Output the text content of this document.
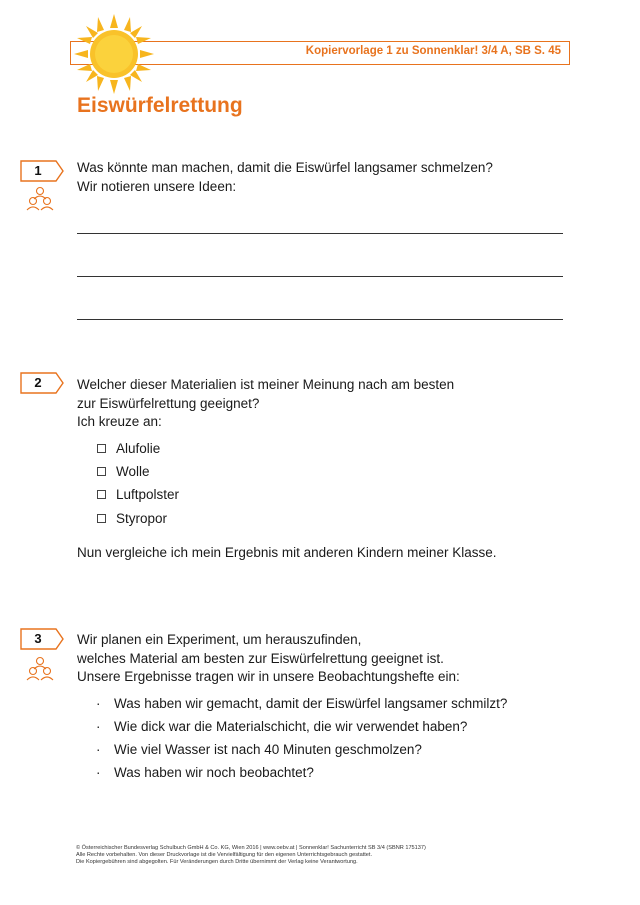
Kopiervorlage 1 zu Sonnenklar! 3/4 A, SB S. 45
Eiswürfelrettung
1	Was könnte man machen, damit die Eiswürfel langsamer schmelzen?
Wir notieren unsere Ideen:
2	Welcher dieser Materialien ist meiner Meinung nach am besten
zur Eiswürfelrettung geeignet?
Ich kreuze an:
Alufolie
Wolle
Luftpolster
Styropor
Nun vergleiche ich mein Ergebnis mit anderen Kindern meiner Klasse.
3	Wir planen ein Experiment, um herauszufinden,
welches Material am besten zur Eiswürfelrettung geeignet ist.
Unsere Ergebnisse tragen wir in unsere Beobachtungshefte ein:
· Was haben wir gemacht, damit der Eiswürfel langsamer schmilzt?
· Wie dick war die Materialschicht, die wir verwendet haben?
· Wie viel Wasser ist nach 40 Minuten geschmolzen?
· Was haben wir noch beobachtet?
© Österreichischer Bundesverlag Schulbuch GmbH & Co. KG, Wien 2016 | www.oebv.at | Sonnenklar! Sachunterricht SB 3/4 (SBNR 175137)
Alle Rechte vorbehalten. Von dieser Druckvorlage ist die Vervielfältigung für den eigenen Unterrichtsgebrauch gestattet.
Die Kopiergebühren sind abgegolten. Für Veränderungen durch Dritte übernimmt der Verlag keine Verantwortung.
